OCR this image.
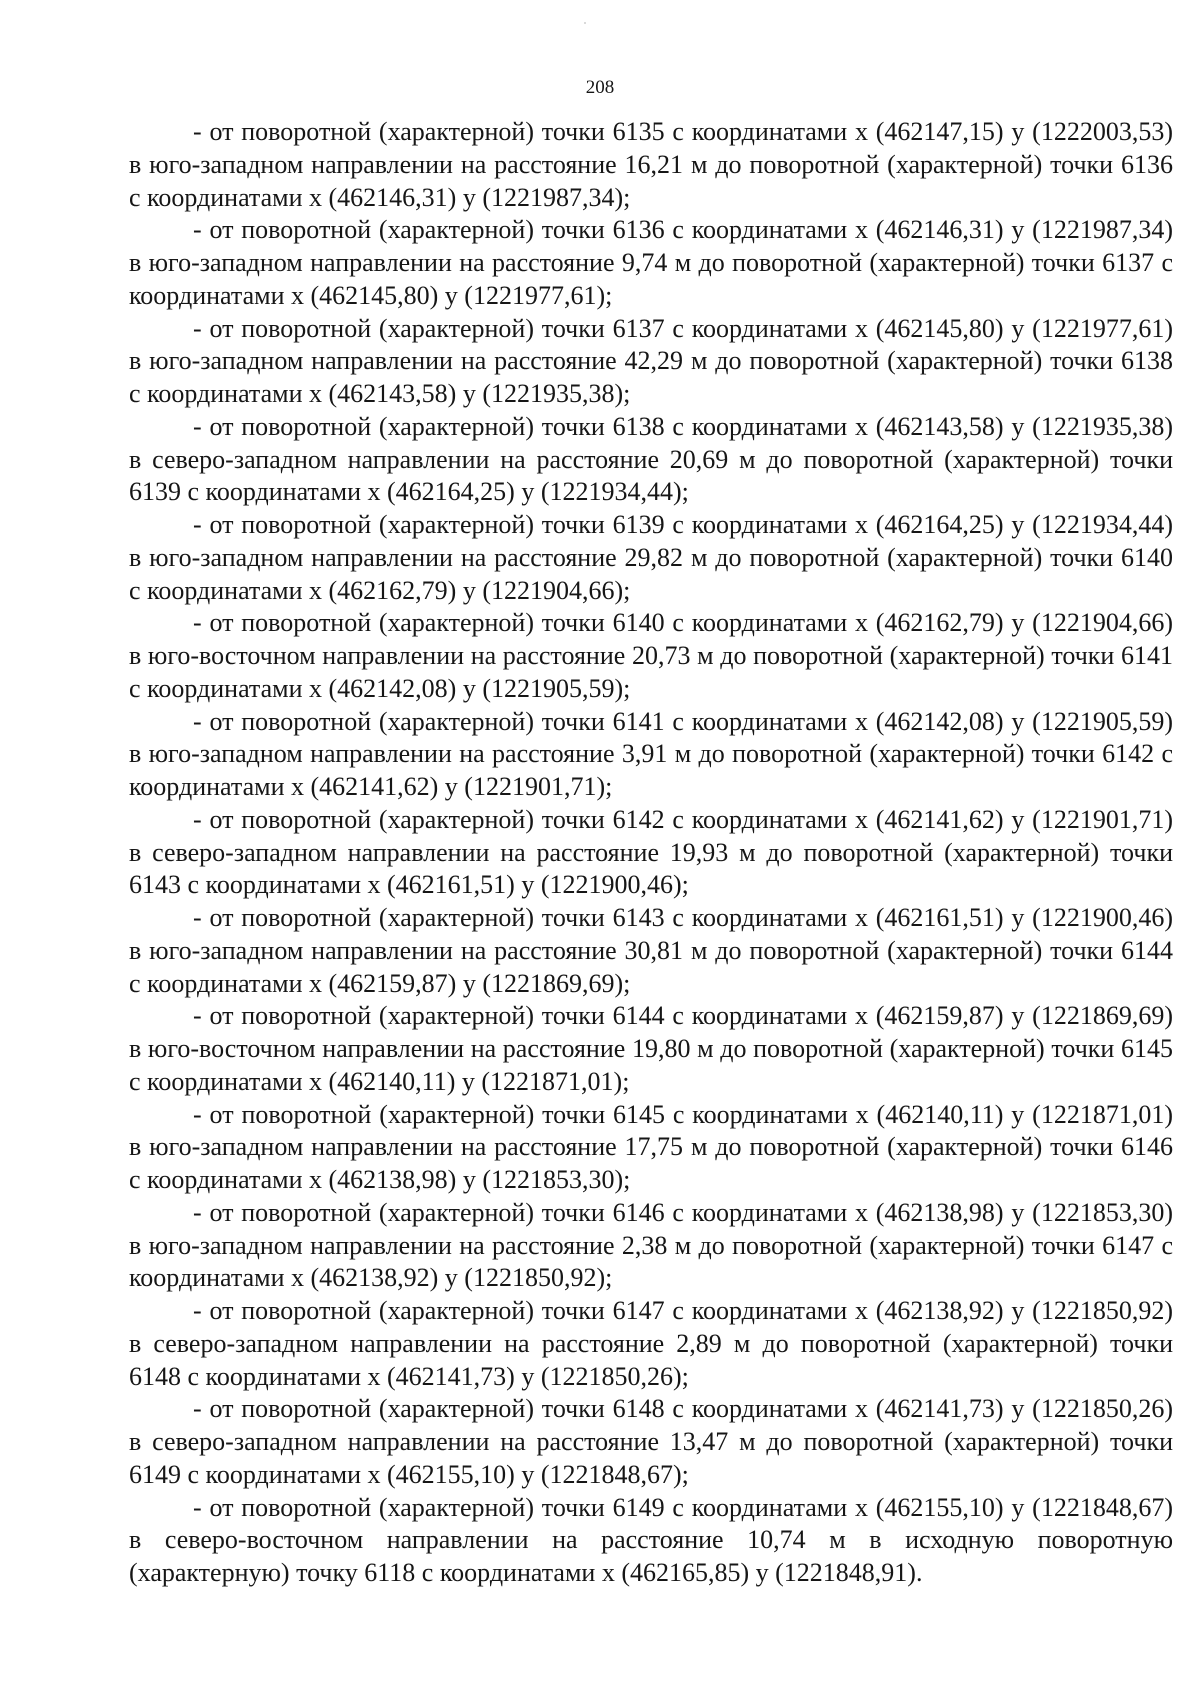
208

- от поворотной (характерной) точки 6135 с координатами х (462147,15) у (1222003,53) в юго-западном направлении на расстояние 16,21 м до поворотной (характерной) точки 6136 с координатами х (462146,31) у (1221987,34);

- от поворотной (характерной) точки 6136 с координатами х (462146,31) у (1221987,34) в юго-западном направлении на расстояние 9,74 м до поворотной (характерной) точки 6137 с координатами х (462145,80) у (1221977,61);

- от поворотной (характерной) точки 6137 с координатами х (462145,80) у (1221977,61) в юго-западном направлении на расстояние 42,29 м до поворотной (характерной) точки 6138 с координатами х (462143,58) у (1221935,38);

- от поворотной (характерной) точки 6138 с координатами х (462143,58) у (1221935,38) в северо-западном направлении на расстояние 20,69 м до поворотной (характерной) точки 6139 с координатами х (462164,25) у (1221934,44);

- от поворотной (характерной) точки 6139 с координатами х (462164,25) у (1221934,44) в юго-западном направлении на расстояние 29,82 м до поворотной (характерной) точки 6140 с координатами х (462162,79) у (1221904,66);

- от поворотной (характерной) точки 6140 с координатами х (462162,79) у (1221904,66) в юго-восточном направлении на расстояние 20,73 м до поворотной (характерной) точки 6141 с координатами х (462142,08) у (1221905,59);

- от поворотной (характерной) точки 6141 с координатами х (462142,08) у (1221905,59) в юго-западном направлении на расстояние 3,91 м до поворотной (характерной) точки 6142 с координатами х (462141,62) у (1221901,71);

- от поворотной (характерной) точки 6142 с координатами х (462141,62) у (1221901,71) в северо-западном направлении на расстояние 19,93 м до поворотной (характерной) точки 6143 с координатами х (462161,51) у (1221900,46);

- от поворотной (характерной) точки 6143 с координатами х (462161,51) у (1221900,46) в юго-западном направлении на расстояние 30,81 м до поворотной (характерной) точки 6144 с координатами х (462159,87) у (1221869,69);

- от поворотной (характерной) точки 6144 с координатами х (462159,87) у (1221869,69) в юго-восточном направлении на расстояние 19,80 м до поворотной (характерной) точки 6145 с координатами х (462140,11) у (1221871,01);

- от поворотной (характерной) точки 6145 с координатами х (462140,11) у (1221871,01) в юго-западном направлении на расстояние 17,75 м до поворотной (характерной) точки 6146 с координатами х (462138,98) у (1221853,30);

- от поворотной (характерной) точки 6146 с координатами х (462138,98) у (1221853,30) в юго-западном направлении на расстояние 2,38 м до поворотной (характерной) точки 6147 с координатами х (462138,92) у (1221850,92);

- от поворотной (характерной) точки 6147 с координатами х (462138,92) у (1221850,92) в северо-западном направлении на расстояние 2,89 м до поворотной (характерной) точки 6148 с координатами х (462141,73) у (1221850,26);

- от поворотной (характерной) точки 6148 с координатами х (462141,73) у (1221850,26) в северо-западном направлении на расстояние 13,47 м до поворотной (характерной) точки 6149 с координатами х (462155,10) у (1221848,67);

- от поворотной (характерной) точки 6149 с координатами х (462155,10) у (1221848,67) в северо-восточном направлении на расстояние 10,74 м в исходную поворотную (характерную) точку 6118 с координатами х (462165,85) у (1221848,91).
